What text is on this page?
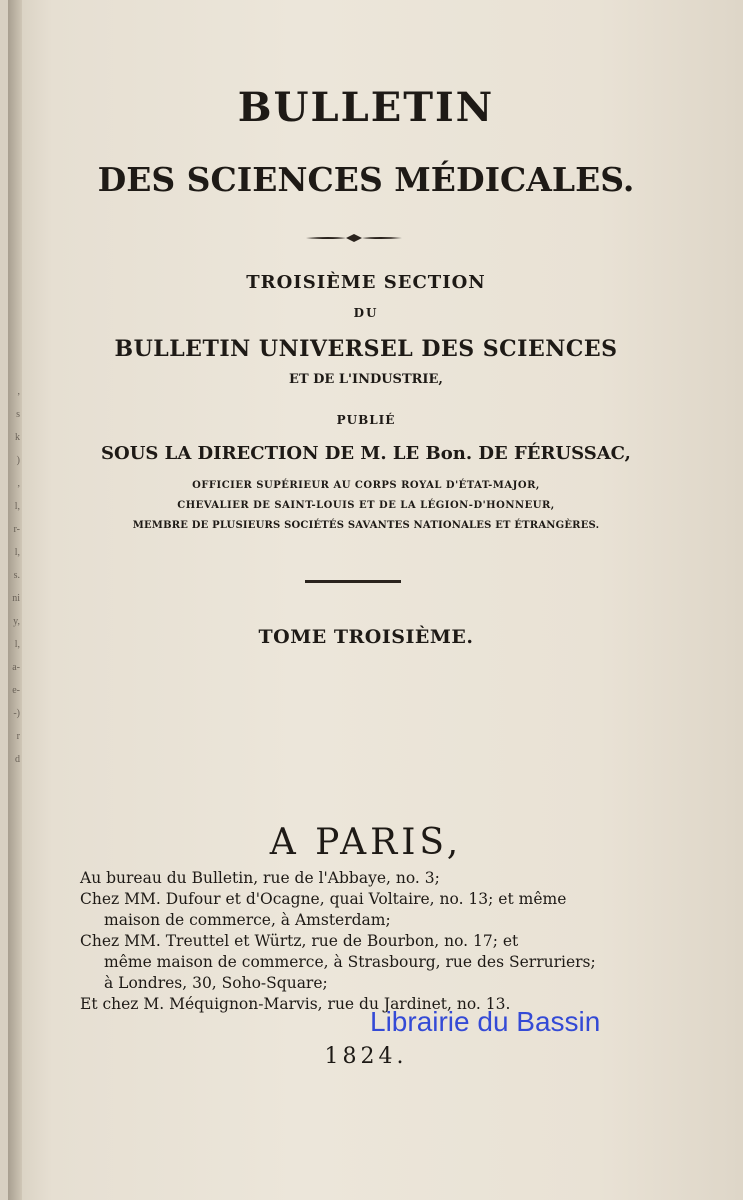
,
s
k
)
,
l,
r-
l,
s.
ni
y,
l,
a-
e-
-)
r
d
BULLETIN
DES SCIENCES MÉDICALES.
TROISIÈME SECTION
DU
BULLETIN UNIVERSEL DES SCIENCES
ET DE L'INDUSTRIE,
PUBLIÉ
SOUS LA DIRECTION DE M. LE Bon. DE FÉRUSSAC,
OFFICIER SUPÉRIEUR AU CORPS ROYAL D'ÉTAT-MAJOR,
CHEVALIER DE SAINT-LOUIS ET DE LA LÉGION-D'HONNEUR,
MEMBRE DE PLUSIEURS SOCIÉTÉS SAVANTES NATIONALES ET ÉTRANGÈRES.
TOME TROISIÈME.
A PARIS,
Au bureau du Bulletin, rue de l'Abbaye, no. 3;
Chez MM. Dufour et d'Ocagne, quai Voltaire, no. 13; et même
maison de commerce, à Amsterdam;
Chez MM. Treuttel et Würtz, rue de Bourbon, no. 17; et
même maison de commerce, à Strasbourg, rue des Serruriers;
à Londres, 30, Soho-Square;
Et chez M. Méquignon-Marvis, rue du Jardinet, no. 13.
1824.
Librairie du Bassin
